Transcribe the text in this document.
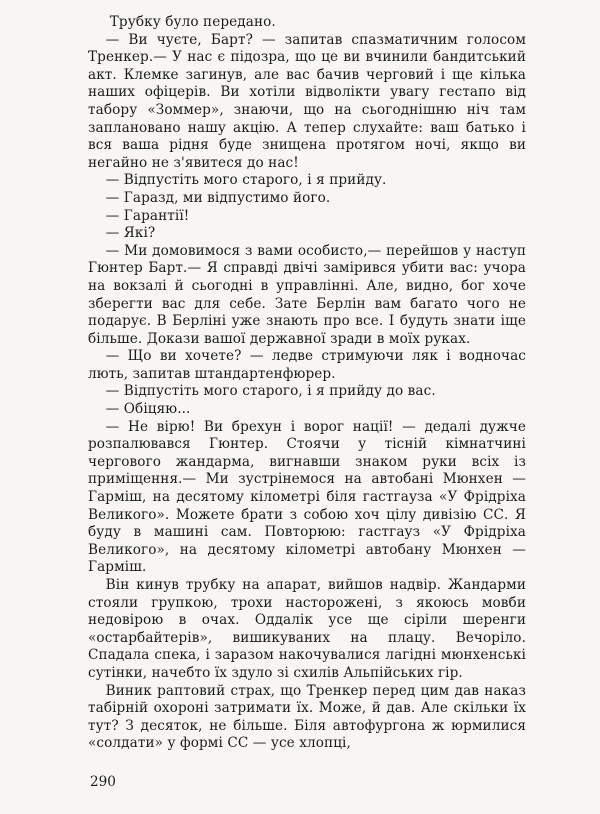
Трубку було передано.

— Ви чуєте, Барт? — запитав спазматичним голосом Тренкер.— У нас є підозра, що це ви вчинили бандитський акт. Клемке загинув, але вас бачив черговий і ще кілька наших офіцерів. Ви хотіли відволікти увагу гестапо від табору «Зоммер», знаючи, що на сьогоднішню ніч там заплановано нашу акцію. А тепер слухайте: ваш батько і вся ваша рідня буде знищена протягом ночі, якщо ви негайно не з'явитеся до нас!

— Відпустіть мого старого, і я прийду.

— Гаразд, ми відпустимо його.

— Гарантії!

— Які?

— Ми домовимося з вами особисто,— перейшов у наступ Гюнтер Барт.— Я справді двічі замірився убити вас: учора на вокзалі й сьогодні в управлінні. Але, видно, бог хоче зберегти вас для себе. Зате Берлін вам багато чого не подарує. В Берліні уже знають про все. І будуть знати іще більше. Докази вашої державної зради в моїх руках.

— Що ви хочете? — ледве стримуючи ляк і водночас лють, запитав штандартенфюрер.

— Відпустіть мого старого, і я прийду до вас.

— Обіцяю...

— Не вірю! Ви брехун і ворог нації! — дедалі дужче розпалювався Гюнтер. Стоячи у тісній кімнатчині чергового жандарма, вигнавши знаком руки всіх із приміщення.— Ми зустрінемося на автобані Мюнхен — Гарміш, на десятому кілометрі біля гастгауза «У Фрідріха Великого». Можете брати з собою хоч цілу дивізію СС. Я буду в машині сам. Повторюю: гастгауз «У Фрідріха Великого», на десятому кілометрі автобану Мюнхен — Гарміш.

Він кинув трубку на апарат, вийшов надвір. Жандарми стояли групкою, трохи насторожені, з якоюсь мовби недовірою в очах. Оддалік усе ще сіріли шеренги «остарбайтерів», вишикуваних на плацу. Вечоріло. Спадала спека, і заразом накочувалися лагідні мюнхенські сутінки, начебто їх здуло зі схилів Альпійських гір.

Виник раптовий страх, що Тренкер перед цим дав наказ табірній охороні затримати їх. Може, й дав. Але скільки їх тут? З десяток, не більше. Біля автофургона ж юрмилися «солдати» у формі СС — усе хлопці,

290
